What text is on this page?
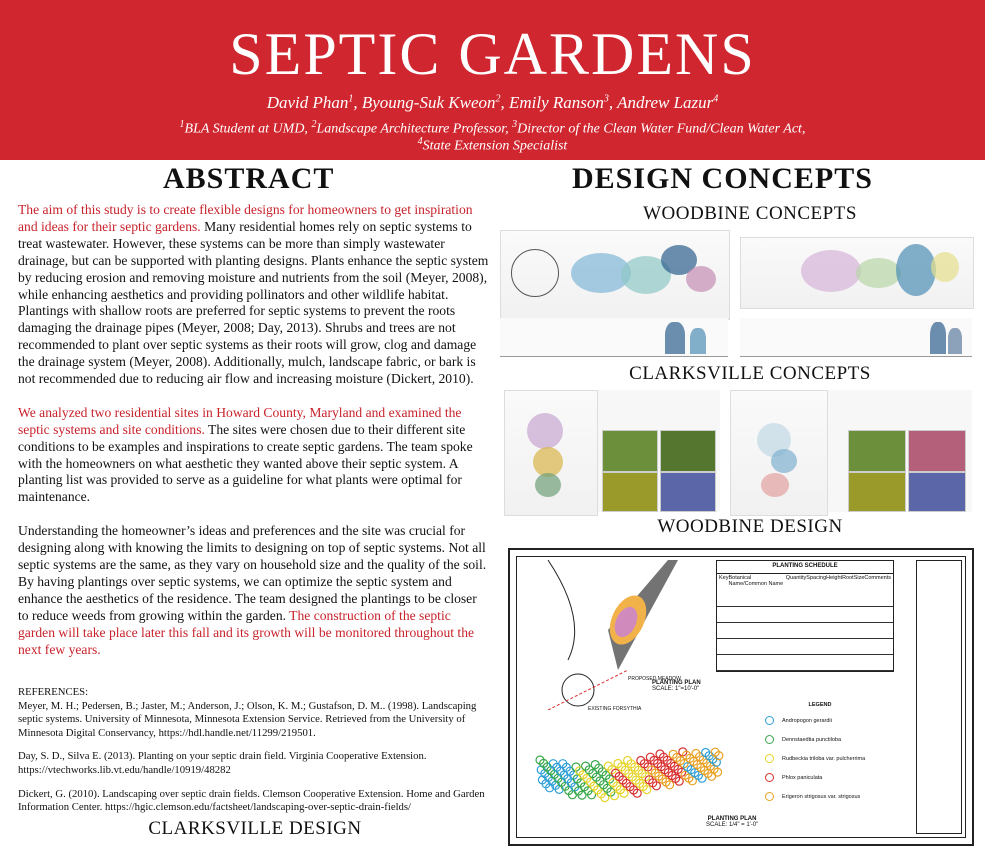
SEPTIC GARDENS
David Phan$^1$, Byoung-Suk Kweon$^2$, Emily Ranson$^3$, Andrew Lazur$^4$
$^1$BLA Student at UMD, $^2$Landscape Architecture Professor, $^3$Director of the Clean Water Fund/Clean Water Act,
$^4$State Extension Specialist
ABSTRACT

The aim of this study is to create flexible designs for homeowners to get inspiration and ideas for their septic gardens. Many residential homes rely on septic systems to treat wastewater. However, these systems can be more than simply wastewater drainage, but can be supported with planting designs. Plants enhance the septic system by reducing erosion and removing moisture and nutrients from the soil (Meyer, 2008), while enhancing aesthetics and providing pollinators and other wildlife habitat. Plantings with shallow roots are preferred for septic systems to prevent the roots damaging the drainage pipes (Meyer, 2008; Day, 2013). Shrubs and trees are not recommended to plant over septic systems as their roots will grow, clog and damage the drainage system (Meyer, 2008). Additionally, mulch, landscape fabric, or bark is not recommended due to reducing air flow and increasing moisture (Dickert, 2010).

We analyzed two residential sites in Howard County, Maryland and examined the septic systems and site conditions. The sites were chosen due to their different site conditions to be examples and inspirations to create septic gardens. The team spoke with the homeowners on what aesthetic they wanted above their septic system. A planting list was provided to serve as a guideline for what plants were optimal for maintenance.

Understanding the homeowner’s ideas and preferences and the site was crucial for designing along with knowing the limits to designing on top of septic systems. Not all septic systems are the same, as they vary on household size and the quality of the soil. By having plantings over septic systems, we can optimize the septic system and enhance the aesthetics of the residence. The team designed the plantings to be closer to reduce weeds from growing within the garden. The construction of the septic garden will take place later this fall and its growth will be monitored throughout the next few years.

REFERENCES:

Meyer, M. H.; Pedersen, B.; Jaster, M.; Anderson, J.; Olson, K. M.; Gustafson, D. M.. (1998). Landscaping septic systems. University of Minnesota, Minnesota Extension Service. Retrieved from the University of Minnesota Digital Conservancy, https://hdl.handle.net/11299/219501.

Day, S. D., Silva E. (2013). Planting on your septic drain field. Virginia Cooperative Extension. https://vtechworks.lib.vt.edu/handle/10919/48282

Dickert, G. (2010). Landscaping over septic drain fields. Clemson Cooperative Extension. Home and Garden Information Center. https://hgic.clemson.edu/factsheet/landscaping-over-septic-drain-fields/

CLARKSVILLE DESIGN
DESIGN CONCEPTS
WOODBINE CONCEPTS
CLARKSVILLE CONCEPTS
WOODBINE DESIGN
PLANTING SCHEDULE
Key Botanical Name/Common Name
Quantity Spacing Height Root Size Comments
PROPOSED MEADOW
EXISTING FORSYTHIA
PLANTING PLAN
SCALE: 1"=10'-0"
PLANTING PLAN
SCALE: 1/4" = 1'-0"
LEGEND
Andropogon gerardii
Dennstaedtia punctiloba
Rudbeckia triloba var. pulcherrima
Phlox paniculata
Erigeron strigosus var. strigosus
